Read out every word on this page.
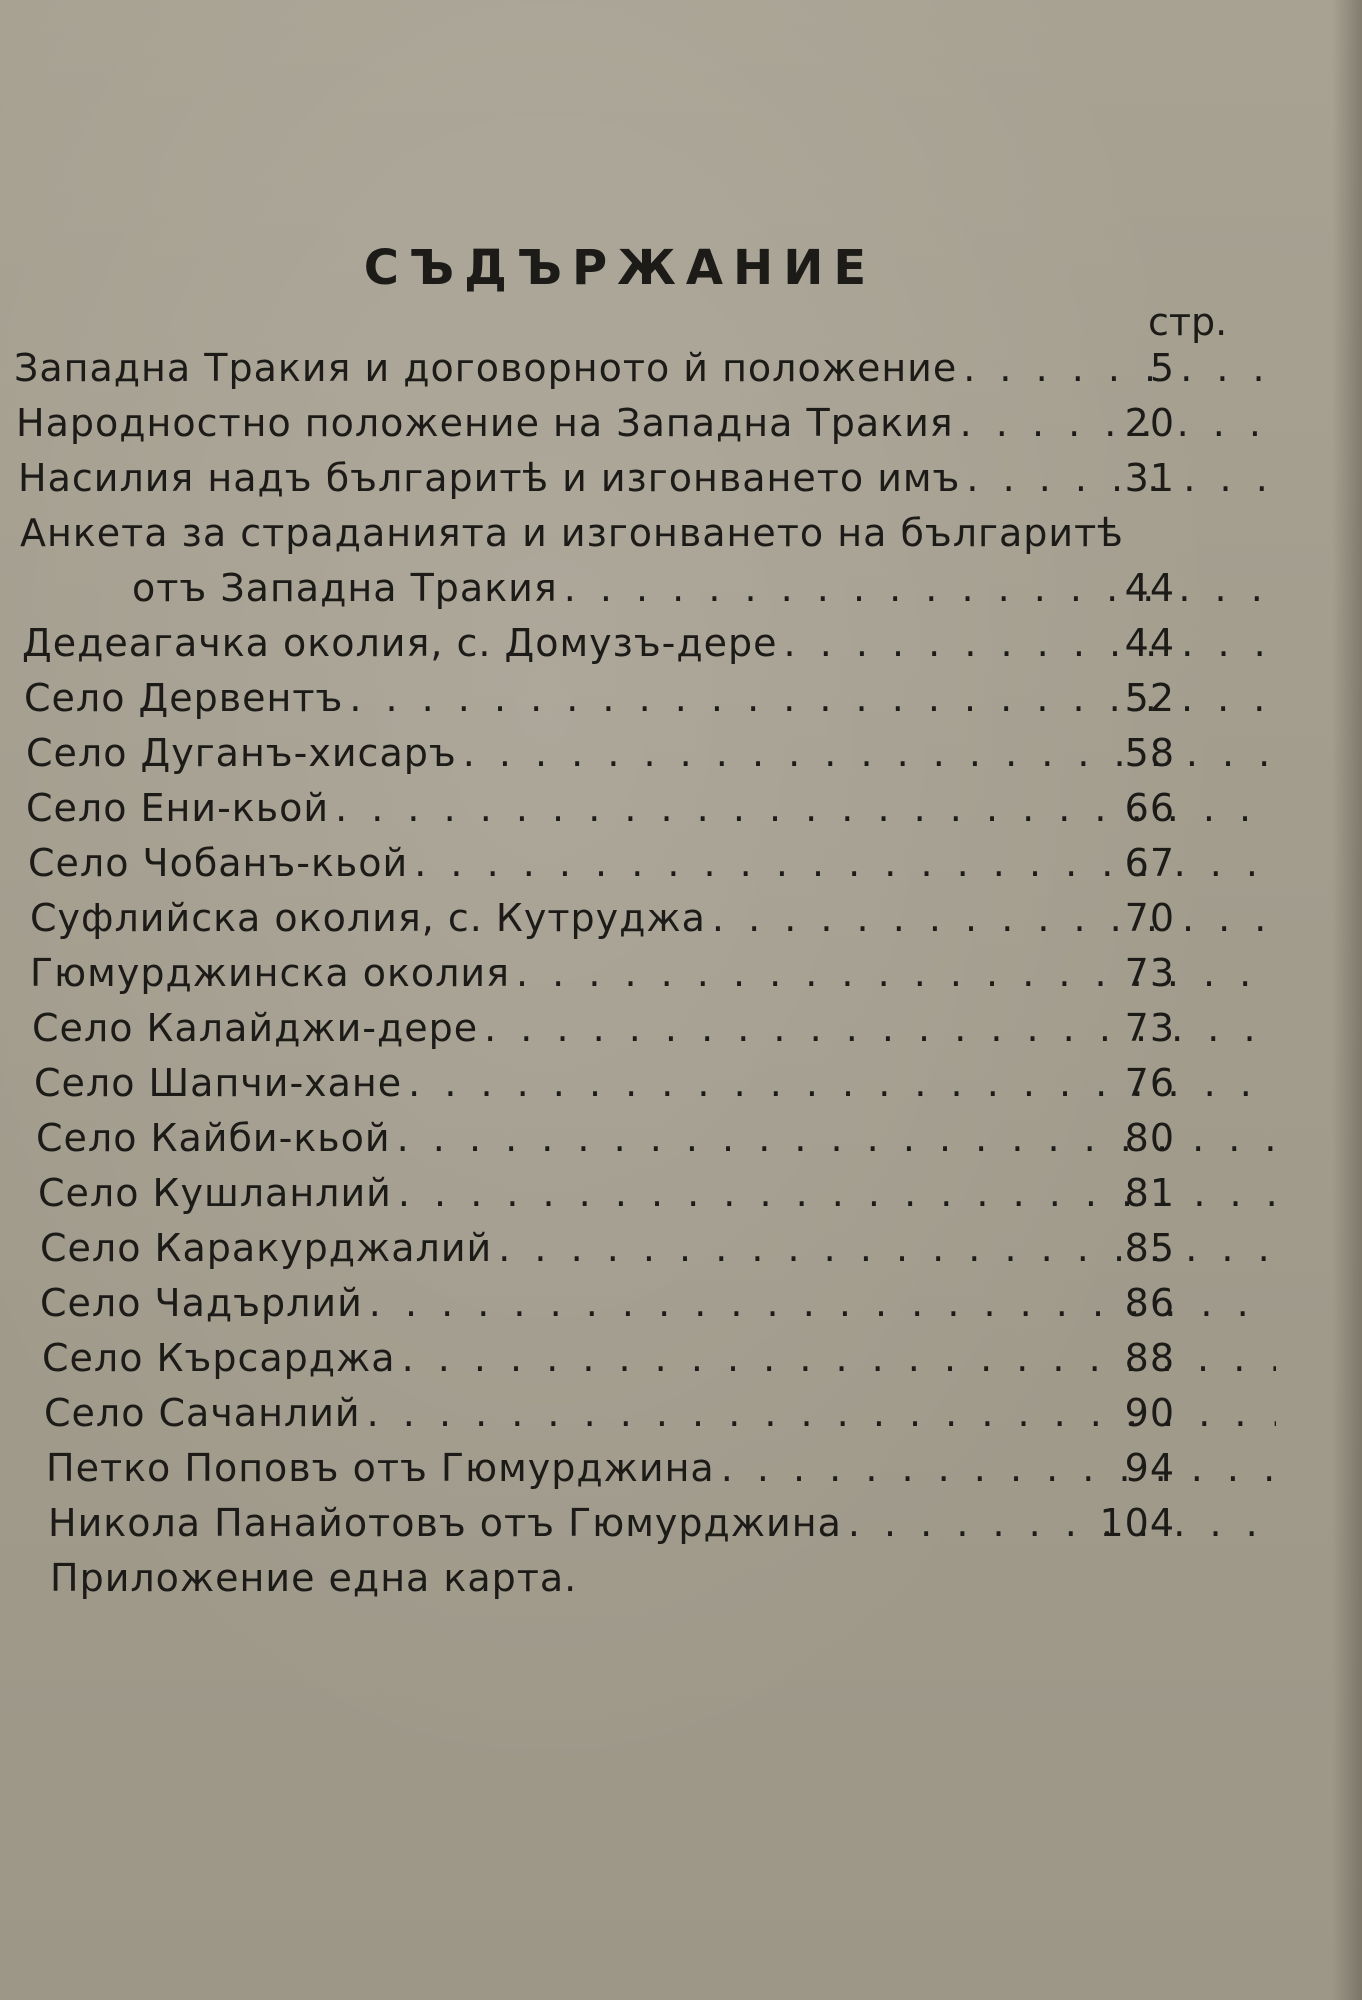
СЪДЪРЖАНИЕ
стр.
Западна Тракия и договорното й положение . . .	5
Народностно положение на Западна Тракия . . .	20
Насилия надъ българитѣ и изгонването имъ . . .	31
Анкета за страданията и изгонването на българитѣ
отъ Западна Тракия . . .	44
Дедеагачка околия, с. Домузъ-дере . . .	44
Село Дервентъ . . .	52
Село Дуганъ-хисаръ . . .	58
Село Ени-кьой . . .	66
Село Чобанъ-кьой . . .	67
Суфлийска околия, с. Кутруджа . . .	70
Гюмурджинска околия . . .	73
Село Калайджи-дере . . .	73
Село Шапчи-хане . . .	76
Село Кайби-кьой . . .	80
Село Кушланлий . . .	81
Село Каракурджалий . . .	85
Село Чадърлий . . .	86
Село Кърсарджа . . .	88
Село Сачанлий . . .	90
Петко Поповъ отъ Гюмурджина . . .	94
Никола Панайотовъ отъ Гюмурджина . . .	104
Приложение една карта.
